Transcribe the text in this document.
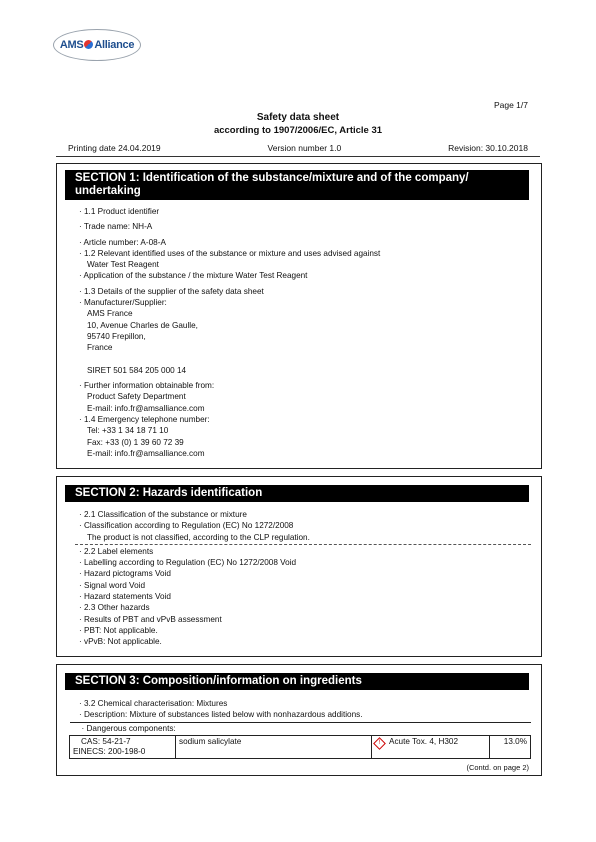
AMS Alliance
Page 1/7
Safety data sheet
according to 1907/2006/EC, Article 31
Printing date 24.04.2019	Version number 1.0	Revision: 30.10.2018
SECTION 1: Identification of the substance/mixture and of the company/
undertaking
· 1.1 Product identifier
· Trade name: NH-A
· Article number: A-08-A
· 1.2 Relevant identified uses of the substance or mixture and uses advised against
Water Test Reagent
· Application of the substance / the mixture Water Test Reagent
· 1.3 Details of the supplier of the safety data sheet
· Manufacturer/Supplier:
AMS France
10, Avenue Charles de Gaulle,
95740 Frepillon,
France
SIRET 501 584 205 000 14
· Further information obtainable from:
Product Safety Department
E-mail: info.fr@amsalliance.com
· 1.4 Emergency telephone number:
Tel: +33 1 34 18 71 10
Fax: +33 (0) 1 39 60 72 39
E-mail: info.fr@amsalliance.com
SECTION 2: Hazards identification
· 2.1 Classification of the substance or mixture
· Classification according to Regulation (EC) No 1272/2008
The product is not classified, according to the CLP regulation.
· 2.2 Label elements
· Labelling according to Regulation (EC) No 1272/2008 Void
· Hazard pictograms Void
· Signal word Void
· Hazard statements Void
· 2.3 Other hazards
· Results of PBT and vPvB assessment
· PBT: Not applicable.
· vPvB: Not applicable.
SECTION 3: Composition/information on ingredients
· 3.2 Chemical characterisation: Mixtures
· Description: Mixture of substances listed below with nonhazardous additions.
· Dangerous components:

CAS: 54-21-7
EINECS: 200-198-0
	sodium salicylate	! Acute Tox. 4, H302	13.0%
(Contd. on page 2)
